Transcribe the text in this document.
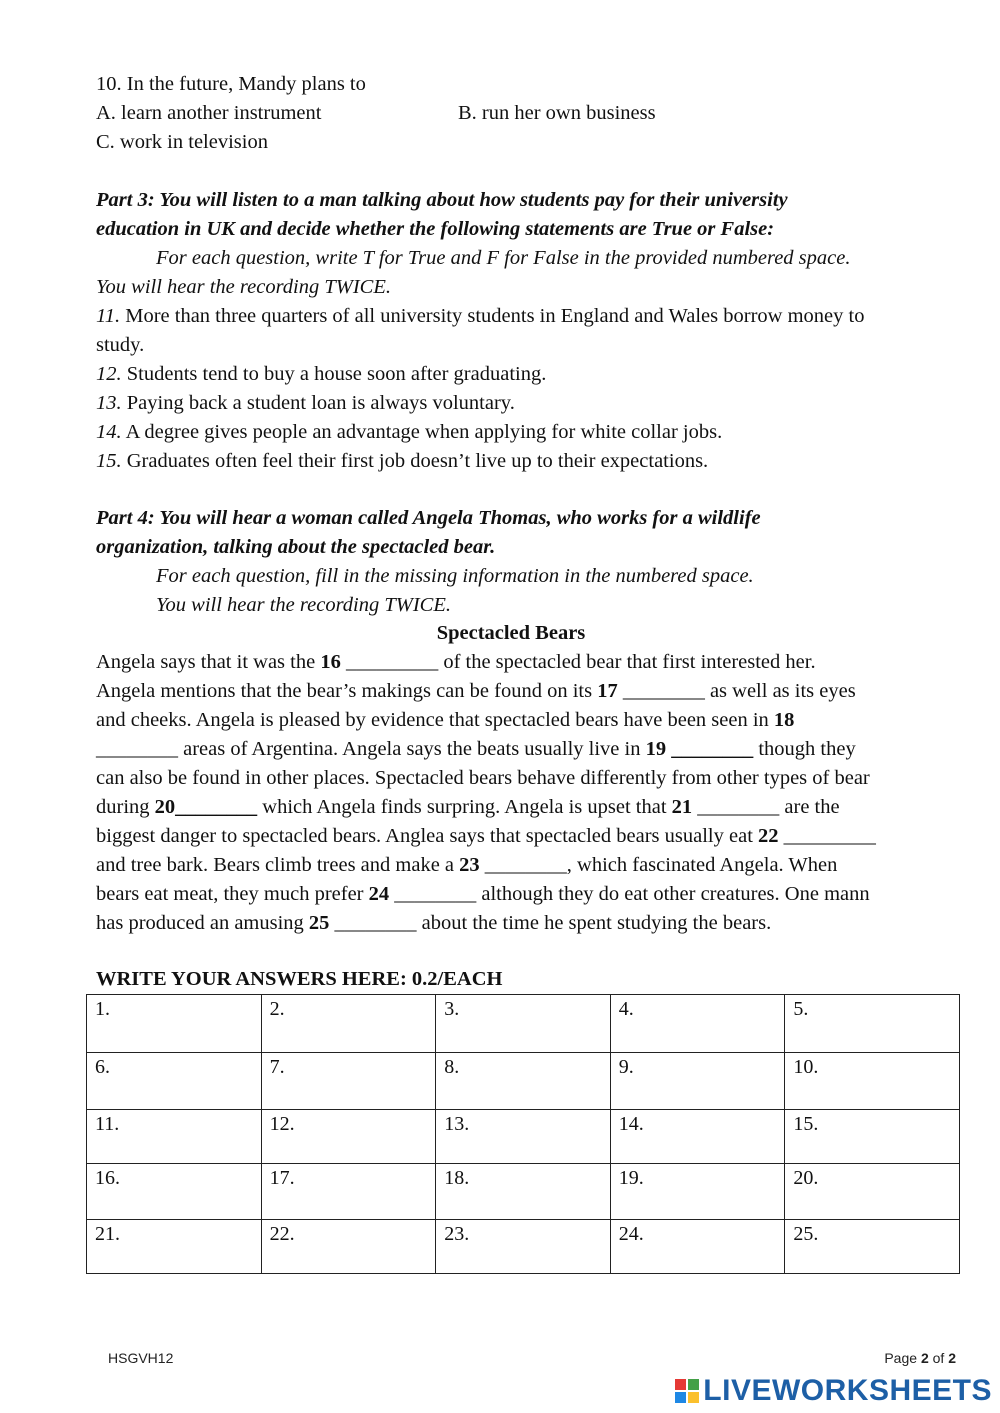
10. In the future, Mandy plans to
A. learn another instrument	B. run her own business
C. work in television
Part 3: You will listen to a man talking about how students pay for their university
education in UK and decide whether the following statements are True or False:
For each question, write T for True and F for False in the provided numbered space.
You will hear the recording TWICE.
11. More than three quarters of all university students in England and Wales borrow money to
study.
12. Students tend to buy a house soon after graduating.
13. Paying back a student loan is always voluntary.
14. A degree gives people an advantage when applying for white collar jobs.
15. Graduates often feel their first job doesn’t live up to their expectations.
Part 4: You will hear a woman called Angela Thomas, who works for a wildlife
organization, talking about the spectacled bear.
For each question, fill in the missing information in the numbered space.
You will hear the recording TWICE.
Spectacled Bears
Angela says that it was the 16 _________ of the spectacled bear that first interested her.
Angela mentions that the bear’s makings can be found on its 17 ________ as well as its eyes
and cheeks. Angela is pleased by evidence that spectacled bears have been seen in 18
________ areas of Argentina. Angela says the beats usually live in 19 ________ though they
can also be found in other places. Spectacled bears behave differently from other types of bear
during 20________ which Angela finds surpring. Angela is upset that 21 ________ are the
biggest danger to spectacled bears. Anglea says that spectacled bears usually eat 22 _________
and tree bark. Bears climb trees and make a 23 ________, which fascinated Angela. When
bears eat meat, they much prefer 24 ________ although they do eat other creatures. One mann
has produced an amusing 25 ________ about the time he spent studying the bears.
WRITE YOUR ANSWERS HERE: 0.2/EACH
1.	2.	3.	4.	5.
6.	7.	8.	9.	10.
11.	12.	13.	14.	15.
16.	17.	18.	19.	20.
21.	22.	23.	24.	25.
HSGVH12	Page 2 of 2
LIVEWORKSHEETS
